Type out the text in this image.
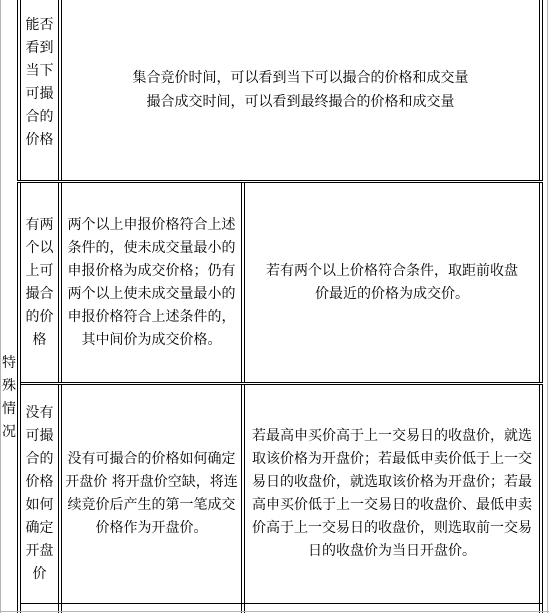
能否看到当下可撮合的价格
集合竞价时间，可以看到当下可以撮合的价格和成交量
撮合成交时间，可以看到最终撮合的价格和成交量
特殊情况
有两个以上可撮合的价格
两个以上申报价格符合上述条件的，使未成交量最小的申报价格为成交价格；仍有两个以上使未成交量最小的申报价格符合上述条件的，其中间价为成交价格。
若有两个以上价格符合条件，取距前收盘价最近的价格为成交价。
没有可撮合的价格如何确定开盘价
没有可撮合的价格如何确定开盘价 将开盘价空缺，将连续竞价后产生的第一笔成交价格作为开盘价。
若最高申买价高于上一交易日的收盘价，就选取该价格为开盘价；若最低申卖价低于上一交易日的收盘价，就选取该价格为开盘价；若最高申买价低于上一交易日的收盘价、最低申卖价高于上一交易日的收盘价，则选取前一交易日的收盘价为当日开盘价。
